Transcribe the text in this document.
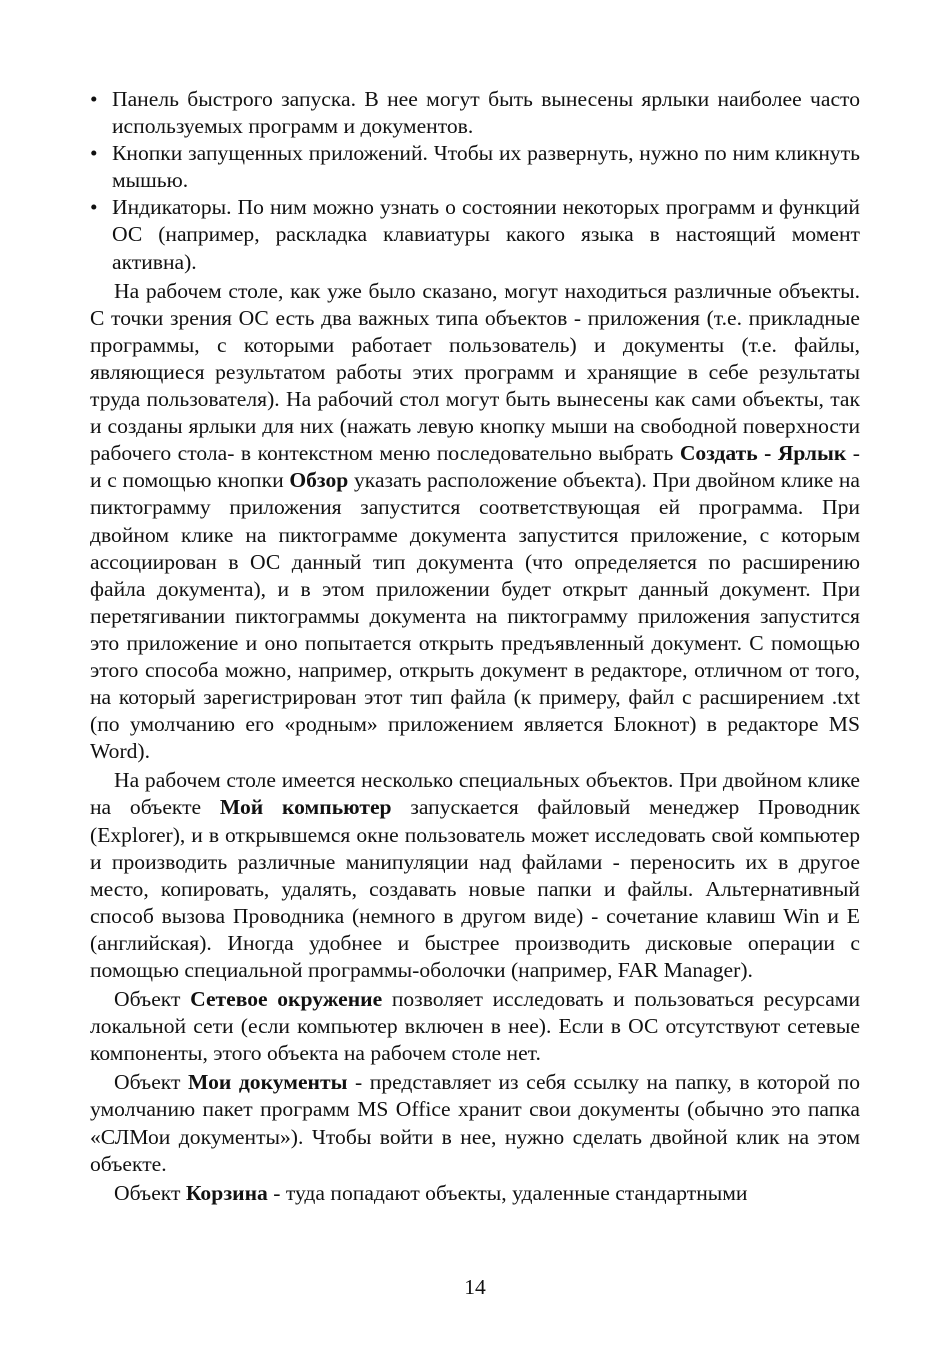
• Панель быстрого запуска. В нее могут быть вынесены ярлыки наиболее часто используемых программ и документов.
• Кнопки запущенных приложений. Чтобы их развернуть, нужно по ним кликнуть мышью.
• Индикаторы. По ним можно узнать о состоянии некоторых программ и функций ОС (например, раскладка клавиатуры какого языка в настоящий момент активна).

На рабочем столе, как уже было сказано, могут находиться различные объекты. С точки зрения ОС есть два важных типа объектов - приложения (т.е. прикладные программы, с которыми работает пользователь) и документы (т.е. файлы, являющиеся результатом работы этих программ и хранящие в себе результаты труда пользователя). На рабочий стол могут быть вынесены как сами объекты, так и созданы ярлыки для них (нажать левую кнопку мыши на свободной поверхности рабочего стола- в контекстном меню последовательно выбрать Создать - Ярлык - и с помощью кнопки Обзор указать расположение объекта). При двойном клике на пиктограмму приложения запустится соответствующая ей программа. При двойном клике на пиктограмме документа запустится приложение, с которым ассоциирован в ОС данный тип документа (что определяется по расширению файла документа), и в этом приложении будет открыт данный документ. При перетягивании пиктограммы документа на пиктограмму приложения запустится это приложение и оно попытается открыть предъявленный документ. С помощью этого способа можно, например, открыть документ в редакторе, отличном от того, на который зарегистрирован этот тип файла (к примеру, файл с расширением .txt (по умолчанию его «родным» приложением является Блокнот) в редакторе MS Word).

На рабочем столе имеется несколько специальных объектов. При двойном клике на объекте Мой компьютер запускается файловый менеджер Проводник (Explorer), и в открывшемся окне пользователь может исследовать свой компьютер и производить различные манипуляции над файлами - переносить их в другое место, копировать, удалять, создавать новые папки и файлы. Альтернативный способ вызова Проводника (немного в другом виде) - сочетание клавиш Win и E (английская). Иногда удобнее и быстрее производить дисковые операции с помощью специальной программы-оболочки (например, FAR Manager).

Объект Сетевое окружение позволяет исследовать и пользоваться ресурсами локальной сети (если компьютер включен в нее). Если в ОС отсутствуют сетевые компоненты, этого объекта на рабочем столе нет.

Объект Мои документы - представляет из себя ссылку на папку, в которой по умолчанию пакет программ MS Office хранит свои документы (обычно это папка «СЛМои документы»). Чтобы войти в нее, нужно сделать двойной клик на этом объекте.

Объект Корзина - туда попадают объекты, удаленные стандартными

14
